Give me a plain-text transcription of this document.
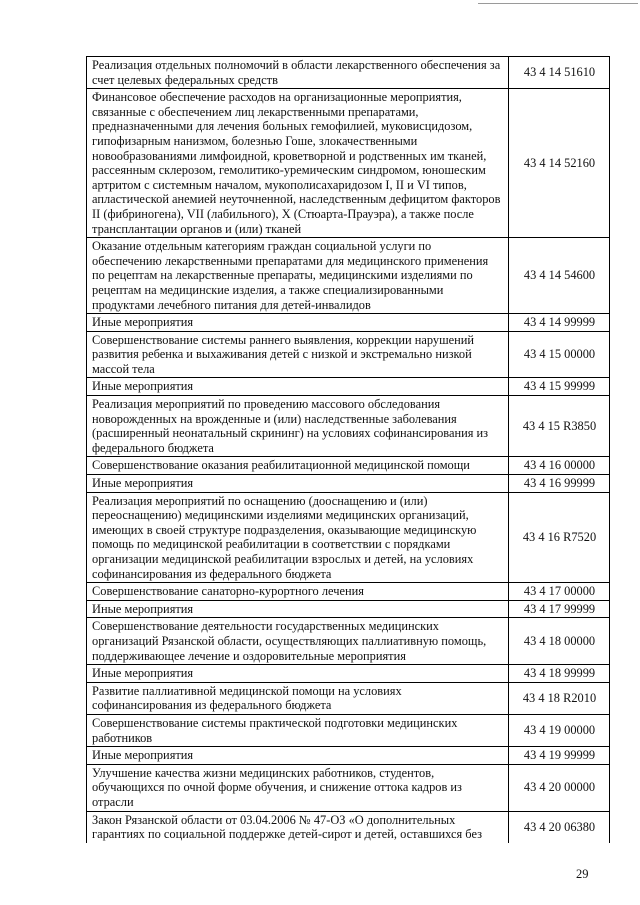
Реализация отдельных полномочий в области лекарственного обеспечения за счет целевых федеральных средств	43 4 14 51610
Финансовое обеспечение расходов на организационные мероприятия, связанные с обеспечением лиц лекарственными препаратами, предназначенными для лечения больных гемофилией, муковисцидозом, гипофизарным нанизмом, болезнью Гоше, злокачественными новообразованиями лимфоидной, кроветворной и родственных им тканей, рассеянным склерозом, гемолитико-уремическим синдромом, юношеским артритом с системным началом, мукополисахаридозом I, II и VI типов, апластической анемией неуточненной, наследственным дефицитом факторов II (фибриногена), VII (лабильного), X (Стюарта-Прауэра), а также после трансплантации органов и (или) тканей	43 4 14 52160
Оказание отдельным категориям граждан социальной услуги по обеспечению лекарственными препаратами для медицинского применения по рецептам на лекарственные препараты, медицинскими изделиями по рецептам на медицинские изделия, а также специализированными продуктами лечебного питания для детей-инвалидов	43 4 14 54600
Иные мероприятия	43 4 14 99999
Совершенствование системы раннего выявления, коррекции нарушений развития ребенка и выхаживания детей с низкой и экстремально низкой массой тела	43 4 15 00000
Иные мероприятия	43 4 15 99999
Реализация мероприятий по проведению массового обследования новорожденных на врожденные и (или) наследственные заболевания (расширенный неонатальный скрининг) на условиях софинансирования из федерального бюджета	43 4 15 R3850
Совершенствование оказания реабилитационной медицинской помощи	43 4 16 00000
Иные мероприятия	43 4 16 99999
Реализация мероприятий по оснащению (дооснащению и (или) переоснащению) медицинскими изделиями медицинских организаций, имеющих в своей структуре подразделения, оказывающие медицинскую помощь по медицинской реабилитации в соответствии с порядками организации медицинской реабилитации взрослых и детей, на условиях софинансирования из федерального бюджета	43 4 16 R7520
Совершенствование санаторно-курортного лечения	43 4 17 00000
Иные мероприятия	43 4 17 99999
Совершенствование деятельности государственных медицинских организаций Рязанской области, осуществляющих паллиативную помощь, поддерживающее лечение и оздоровительные мероприятия	43 4 18 00000
Иные мероприятия	43 4 18 99999
Развитие паллиативной медицинской помощи на условиях софинансирования из федерального бюджета	43 4 18 R2010
Совершенствование системы практической подготовки медицинских работников	43 4 19 00000
Иные мероприятия	43 4 19 99999
Улучшение качества жизни медицинских работников, студентов, обучающихся по очной форме обучения, и снижение оттока кадров из отрасли	43 4 20 00000
Закон Рязанской области от 03.04.2006 № 47-ОЗ «О дополнительных гарантиях по социальной поддержке детей-сирот и детей, оставшихся без	43 4 20 06380
29
